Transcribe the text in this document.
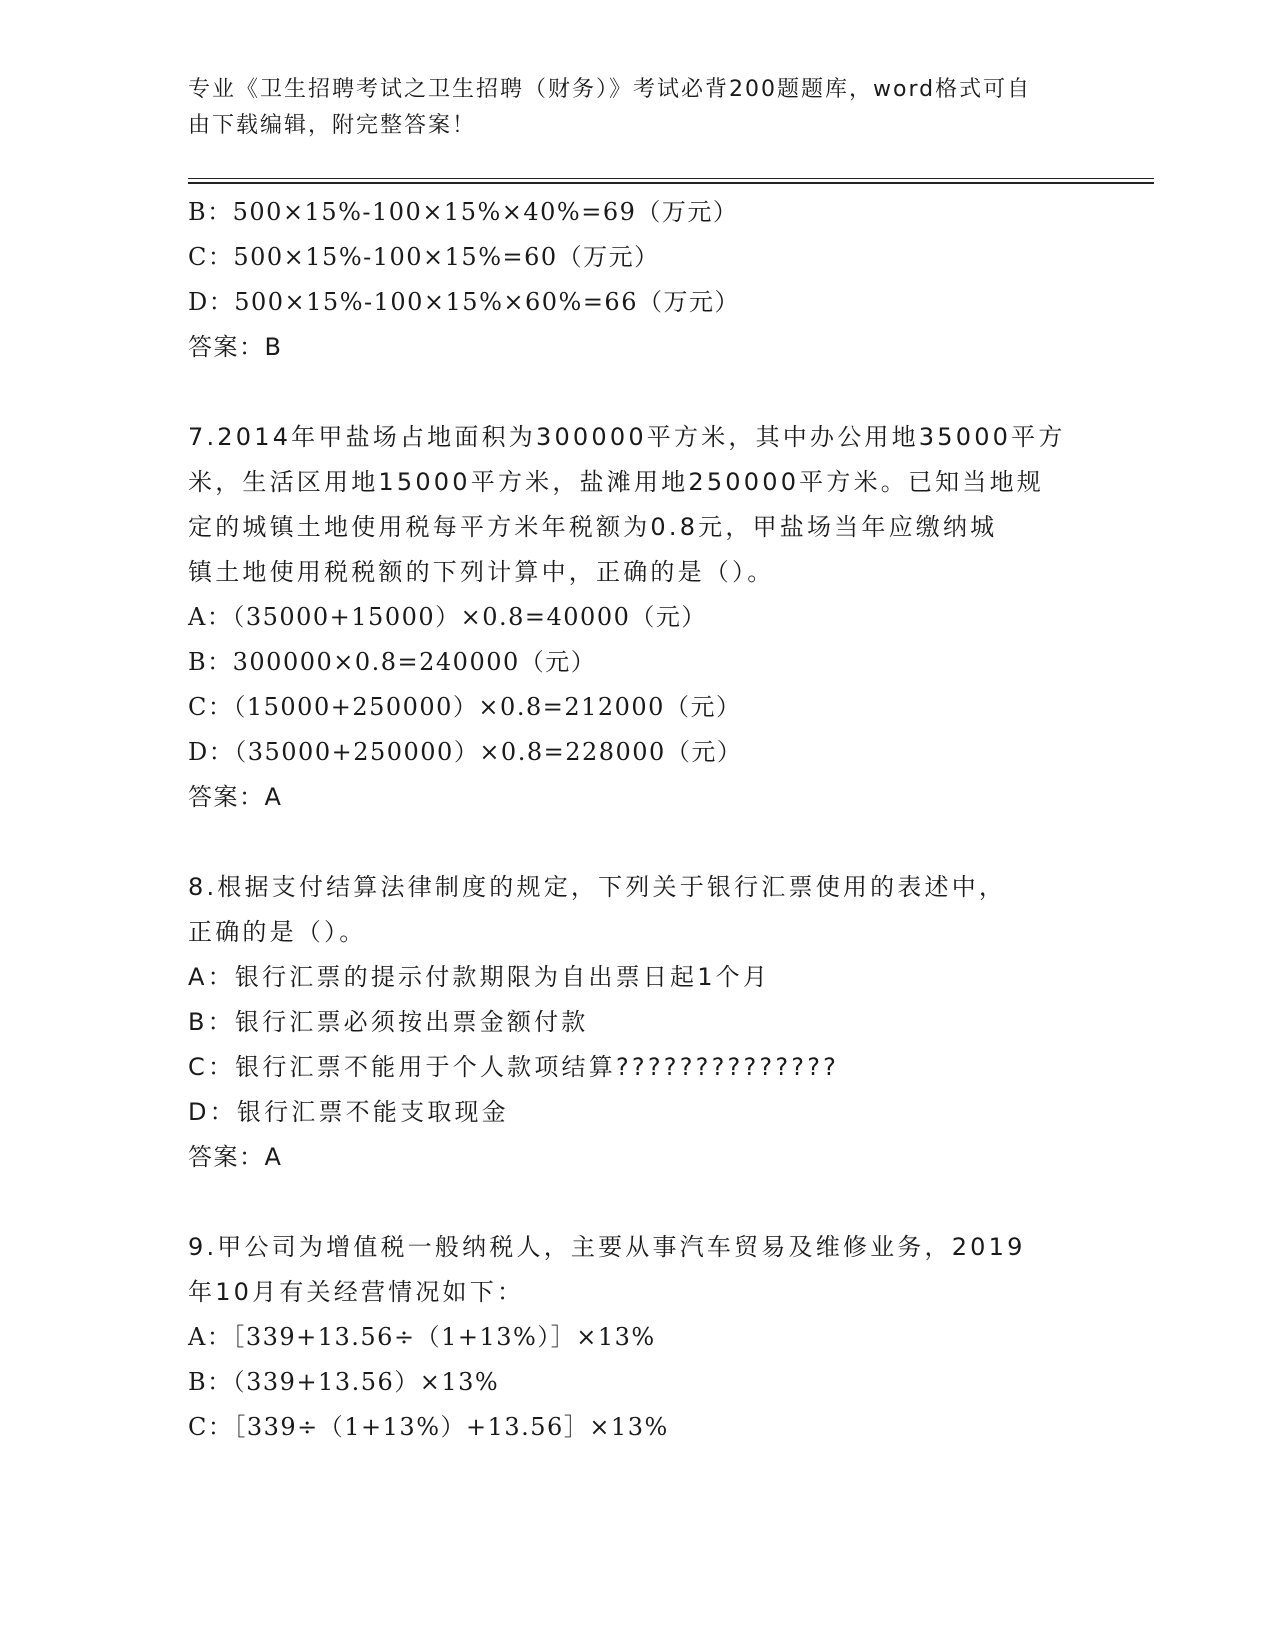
专业《卫生招聘考试之卫生招聘（财务）》考试必背200题题库，word格式可自
由下载编辑，附完整答案！
B：500×15%-100×15%×40%=69（万元）
C：500×15%-100×15%=60（万元）
D：500×15%-100×15%×60%=66（万元）
答案：B
7.2014年甲盐场占地面积为300000平方米，其中办公用地35000平方
米，生活区用地15000平方米，盐滩用地250000平方米。已知当地规
定的城镇土地使用税每平方米年税额为0.8元，甲盐场当年应缴纳城
镇土地使用税税额的下列计算中，正确的是（）。
A：（35000+15000）×0.8=40000（元）
B：300000×0.8=240000（元）
C：（15000+250000）×0.8=212000（元）
D：（35000+250000）×0.8=228000（元）
答案：A
8.根据支付结算法律制度的规定，下列关于银行汇票使用的表述中，
正确的是（）。
A：银行汇票的提示付款期限为自出票日起1个月
B：银行汇票必须按出票金额付款
C：银行汇票不能用于个人款项结算??????????????
D：银行汇票不能支取现金
答案：A
9.甲公司为增值税一般纳税人，主要从事汽车贸易及维修业务，2019
年10月有关经营情况如下：
A：［339+13.56÷（1+13%）］×13%
B：（339+13.56）×13%
C：［339÷（1+13%）+13.56］×13%
